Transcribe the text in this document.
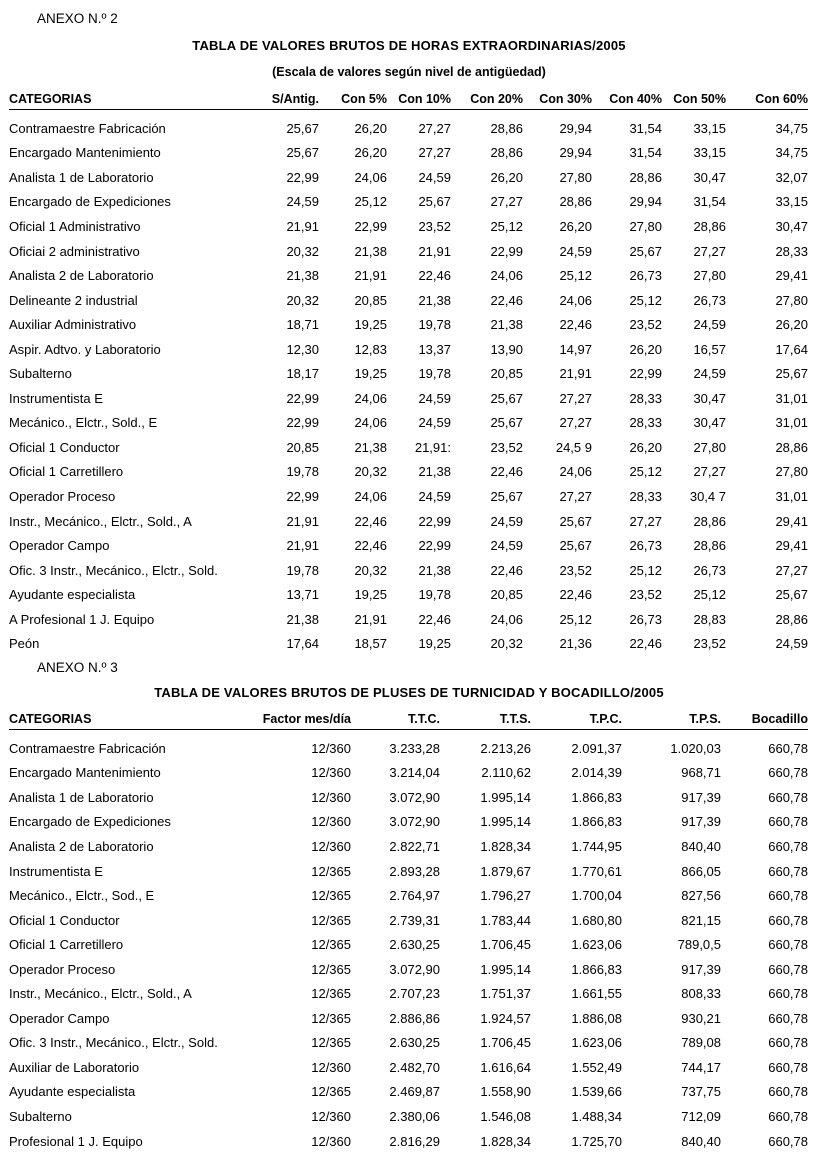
ANEXO N.º 2
TABLA DE VALORES BRUTOS DE HORAS EXTRAORDINARIAS/2005
(Escala de valores según nivel de antigüedad)
CATEGORIAS	S/Antig.	Con 5%	Con 10%	Con 20%	Con 30%	Con 40%	Con 50%	Con 60%

Contramaestre Fabricación	25,67	26,20	27,27	28,86	29,94	31,54	33,15	34,75
Encargado Mantenimiento	25,67	26,20	27,27	28,86	29,94	31,54	33,15	34,75
Analista 1 de Laboratorio	22,99	24,06	24,59	26,20	27,80	28,86	30,47	32,07
Encargado de Expediciones	24,59	25,12	25,67	27,27	28,86	29,94	31,54	33,15
Oficial 1 Administrativo	21,91	22,99	23,52	25,12	26,20	27,80	28,86	30,47
Oficiai 2 administrativo	20,32	21,38	21,91	22,99	24,59	25,67	27,27	28,33
Analista 2 de Laboratorio	21,38	21,91	22,46	24,06	25,12	26,73	27,80	29,41
Delineante 2 industrial	20,32	20,85	21,38	22,46	24,06	25,12	26,73	27,80
Auxiliar Administrativo	18,71	19,25	19,78	21,38	22,46	23,52	24,59	26,20
Aspir. Adtvo. y Laboratorio	12,30	12,83	13,37	13,90	14,97	26,20	16,57	17,64
Subalterno	18,17	19,25	19,78	20,85	21,91	22,99	24,59	25,67
Instrumentista E	22,99	24,06	24,59	25,67	27,27	28,33	30,47	31,01
Mecánico., Elctr., Sold., E	22,99	24,06	24,59	25,67	27,27	28,33	30,47	31,01
Oficial 1 Conductor	20,85	21,38	21,91:	23,52	24,5 9	26,20	27,80	28,86
Oficial 1 Carretillero	19,78	20,32	21,38	22,46	24,06	25,12	27,27	27,80
Operador Proceso	22,99	24,06	24,59	25,67	27,27	28,33	30,4 7	31,01
Instr., Mecánico., Elctr., Sold., A	21,91	22,46	22,99	24,59	25,67	27,27	28,86	29,41
Operador Campo	21,91	22,46	22,99	24,59	25,67	26,73	28,86	29,41
Ofic. 3 Instr., Mecánico., Elctr., Sold.	19,78	20,32	21,38	22,46	23,52	25,12	26,73	27,27
Ayudante especialista	13,71	19,25	19,78	20,85	22,46	23,52	25,12	25,67
A Profesional 1 J. Equipo	21,38	21,91	22,46	24,06	25,12	26,73	28,83	28,86
Peón	17,64	18,57	19,25	20,32	21,36	22,46	23,52	24,59
ANEXO N.º 3
TABLA DE VALORES BRUTOS DE PLUSES DE TURNICIDAD Y BOCADILLO/2005
CATEGORIAS	Factor mes/día	T.T.C.	T.T.S.	T.P.C.	T.P.S.	Bocadillo

Contramaestre Fabricación	12/360	3.233,28	2.213,26	2.091,37	1.020,03	660,78
Encargado Mantenimiento	12/360	3.214,04	2.110,62	2.014,39	968,71	660,78
Analista 1 de Laboratorio	12/360	3.072,90	1.995,14	1.866,83	917,39	660,78
Encargado de Expediciones	12/360	3.072,90	1.995,14	1.866,83	917,39	660,78
Analista 2 de Laboratorio	12/360	2.822,71	1.828,34	1.744,95	840,40	660,78
Instrumentista E	12/365	2.893,28	1.879,67	1.770,61	866,05	660,78
Mecánico., Elctr., Sod., E	12/365	2.764,97	1.796,27	1.700,04	827,56	660,78
Oficial 1 Conductor	12/365	2.739,31	1.783,44	1.680,80	821,15	660,78
Oficial 1 Carretillero	12/365	2.630,25	1.706,45	1.623,06	789,0,5	660,78
Operador Proceso	12/365	3.072,90	1.995,14	1.866,83	917,39	660,78
Instr., Mecánico., Elctr., Sold., A	12/365	2.707,23	1.751,37	1.661,55	808,33	660,78
Operador Campo	12/365	2.886,86	1.924,57	1.886,08	930,21	660,78
Ofic. 3 Instr., Mecánico., Elctr., Sold.	12/365	2.630,25	1.706,45	1.623,06	789,08	660,78
Auxiliar de Laboratorio	12/360	2.482,70	1.616,64	1.552,49	744,17	660,78
Ayudante especialista	12/365	2.469,87	1.558,90	1.539,66	737,75	660,78
Subalterno	12/360	2.380,06	1.546,08	1.488,34	712,09	660,78
Profesional 1 J. Equipo	12/360	2.816,29	1.828,34	1.725,70	840,40	660,78
